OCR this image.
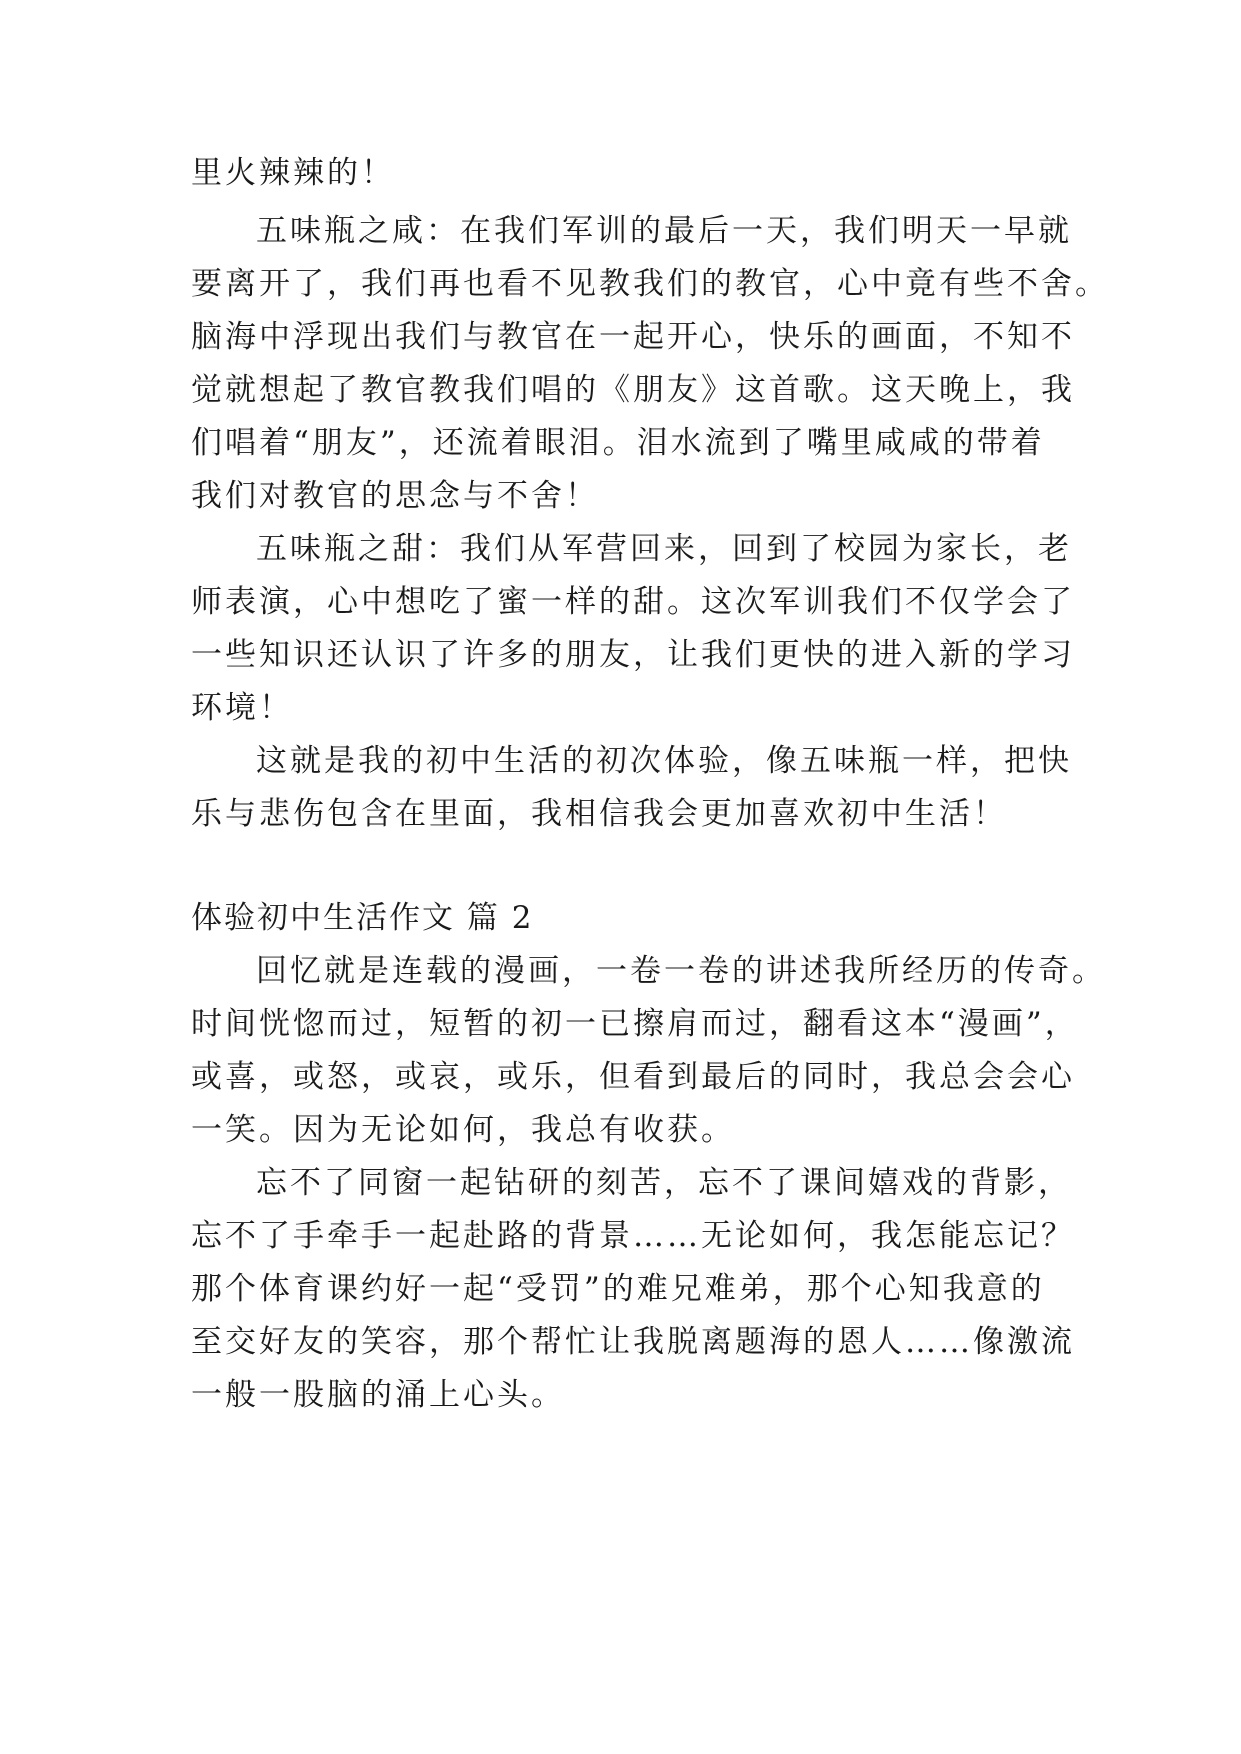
里火辣辣的！
五味瓶之咸：在我们军训的最后一天，我们明天一早就
要离开了，我们再也看不见教我们的教官，心中竟有些不舍。
脑海中浮现出我们与教官在一起开心，快乐的画面，不知不
觉就想起了教官教我们唱的《朋友》这首歌。这天晚上，我
们唱着“朋友”，还流着眼泪。泪水流到了嘴里咸咸的带着
我们对教官的思念与不舍！
五味瓶之甜：我们从军营回来，回到了校园为家长，老
师表演，心中想吃了蜜一样的甜。这次军训我们不仅学会了
一些知识还认识了许多的朋友，让我们更快的进入新的学习
环境！
这就是我的初中生活的初次体验，像五味瓶一样，把快
乐与悲伤包含在里面，我相信我会更加喜欢初中生活！
体验初中生活作文 篇 2
回忆就是连载的漫画，一卷一卷的讲述我所经历的传奇。
时间恍惚而过，短暂的初一已擦肩而过，翻看这本“漫画”，
或喜，或怒，或哀，或乐，但看到最后的同时，我总会会心
一笑。因为无论如何，我总有收获。
忘不了同窗一起钻研的刻苦，忘不了课间嬉戏的背影，
忘不了手牵手一起赴路的背景……无论如何，我怎能忘记？
那个体育课约好一起“受罚”的难兄难弟，那个心知我意的
至交好友的笑容，那个帮忙让我脱离题海的恩人……像激流
一般一股脑的涌上心头。
